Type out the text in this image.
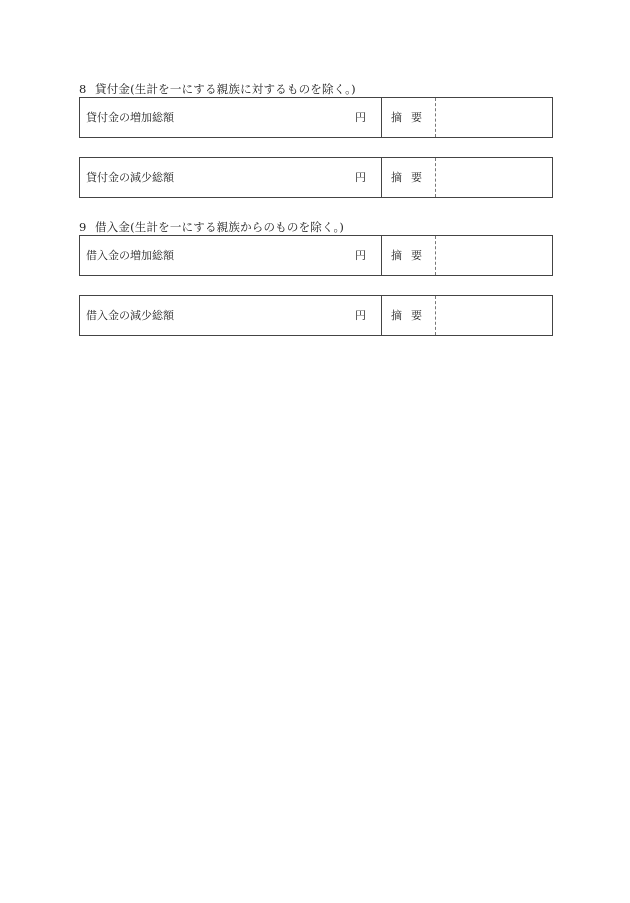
8 貸付金(生計を一にする親族に対するものを除く。)
貸付金の増加総額	円 摘要
貸付金の減少総額	円 摘要
9 借入金(生計を一にする親族からのものを除く。)
借入金の増加総額	円 摘要
借入金の減少総額	円 摘要
